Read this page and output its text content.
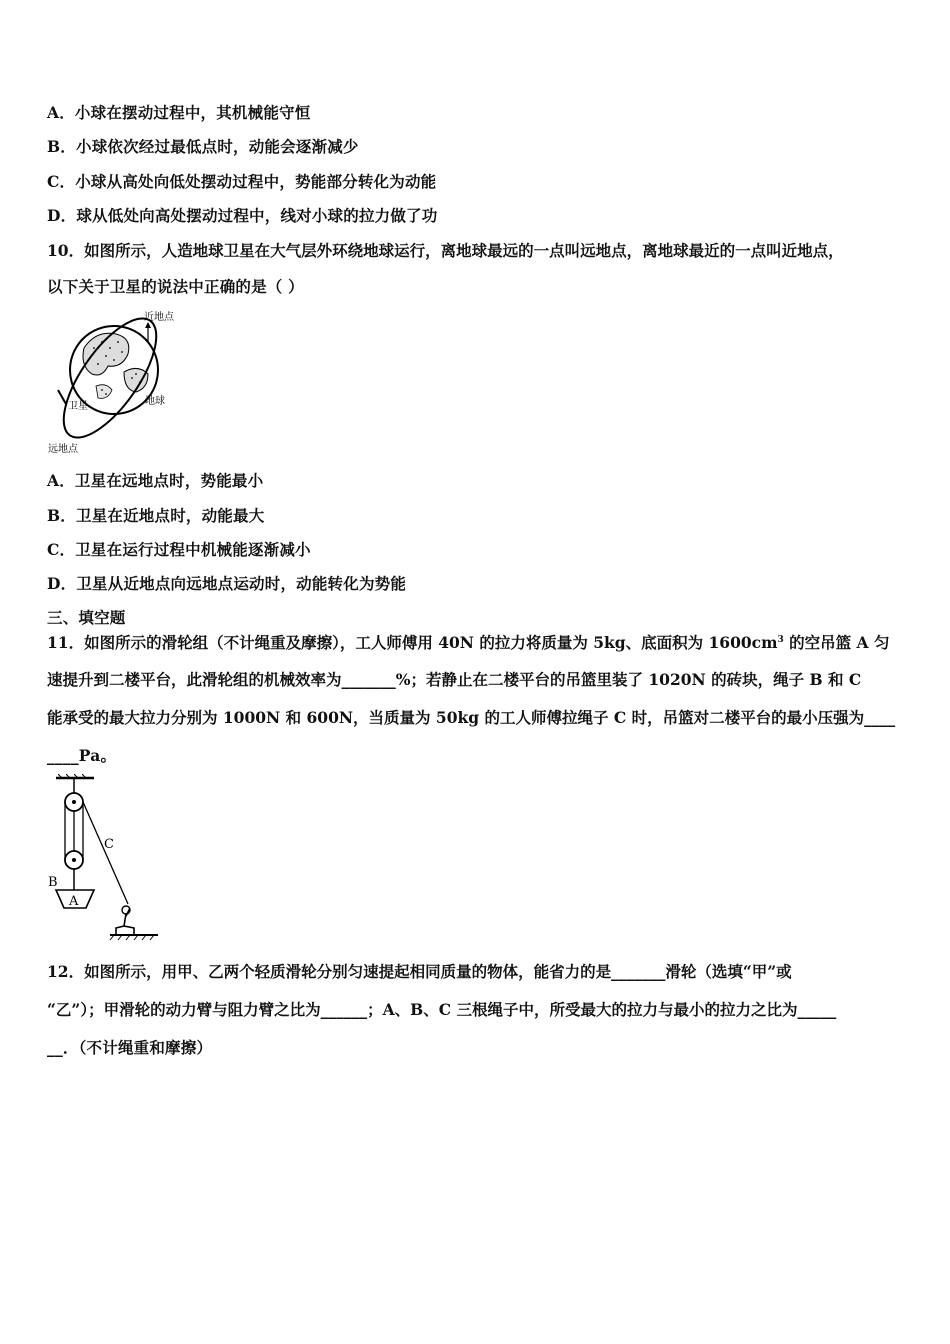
A．小球在摆动过程中，其机械能守恒
B．小球依次经过最低点时，动能会逐渐减少
C．小球从高处向低处摆动过程中，势能部分转化为动能
D．球从低处向高处摆动过程中，线对小球的拉力做了功
10．如图所示，人造地球卫星在大气层外环绕地球运行，离地球最远的一点叫远地点，离地球最近的一点叫近地点，
以下关于卫星的说法中正确的是（ ）
近地点
卫星	地球
远地点
A．卫星在远地点时，势能最小
B．卫星在近地点时，动能最大
C．卫星在运行过程中机械能逐渐减小
D．卫星从近地点向远地点运动时，动能转化为势能
三、填空题
11．如图所示的滑轮组（不计绳重及摩擦），工人师傅用 40N 的拉力将质量为 5kg、底面积为 $1600cm^3$ 的空吊篮 A 匀
速提升到二楼平台，此滑轮组的机械效率为_______%；若静止在二楼平台的吊篮里装了 1020N 的砖块，绳子 B 和 C
能承受的最大拉力分别为 1000N 和 600N，当质量为 50kg 的工人师傅拉绳子 C 时，吊篮对二楼平台的最小压强为____
____Pa。
A
B
C
12．如图所示，用甲、乙两个轻质滑轮分别匀速提起相同质量的物体，能省力的是_______滑轮（选填“甲”或
“乙”）；甲滑轮的动力臂与阻力臂之比为______；A、B、C 三根绳子中，所受最大的拉力与最小的拉力之比为_____
__．（不计绳重和摩擦）
